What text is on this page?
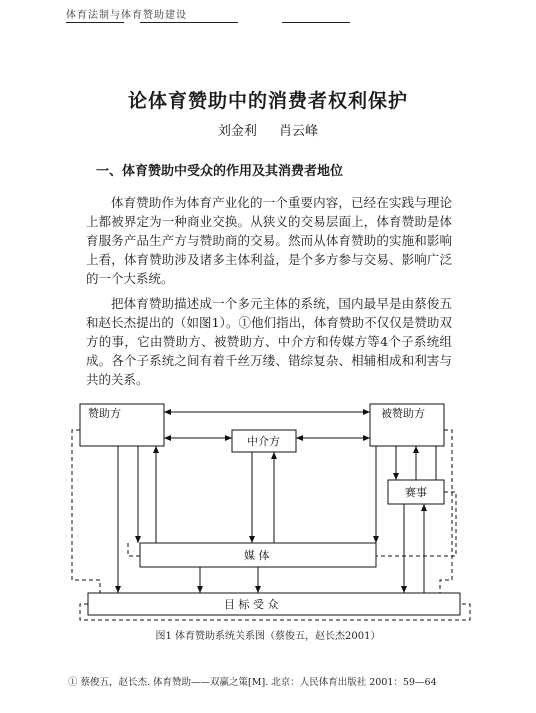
体育法制与体育赞助建设
论体育赞助中的消费者权利保护
刘金利 肖云峰
一、体育赞助中受众的作用及其消费者地位

体育赞助作为体育产业化的一个重要内容，已经在实践与理论上都被界定为一种商业交换。从狭义的交易层面上，体育赞助是体育服务产品生产方与赞助商的交易。然而从体育赞助的实施和影响上看，体育赞助涉及诸多主体利益，是个多方参与交易、影响广泛的一个大系统。

把体育赞助描述成一个多元主体的系统，国内最早是由蔡俊五和赵长杰提出的（如图1）。①他们指出，体育赞助不仅仅是赞助双方的事，它由赞助方、被赞助方、中介方和传媒方等4个子系统组成。各个子系统之间有着千丝万缕、错综复杂、相辅相成和利害与共的关系。

赞助方	被赞助方
中介方
赛事
媒 体
目 标 受 众
图1 体育赞助系统关系图（蔡俊五，赵长杰2001）
① 蔡俊五，赵长杰. 体育赞助——双赢之策[M]. 北京：人民体育出版社 2001：59—64
